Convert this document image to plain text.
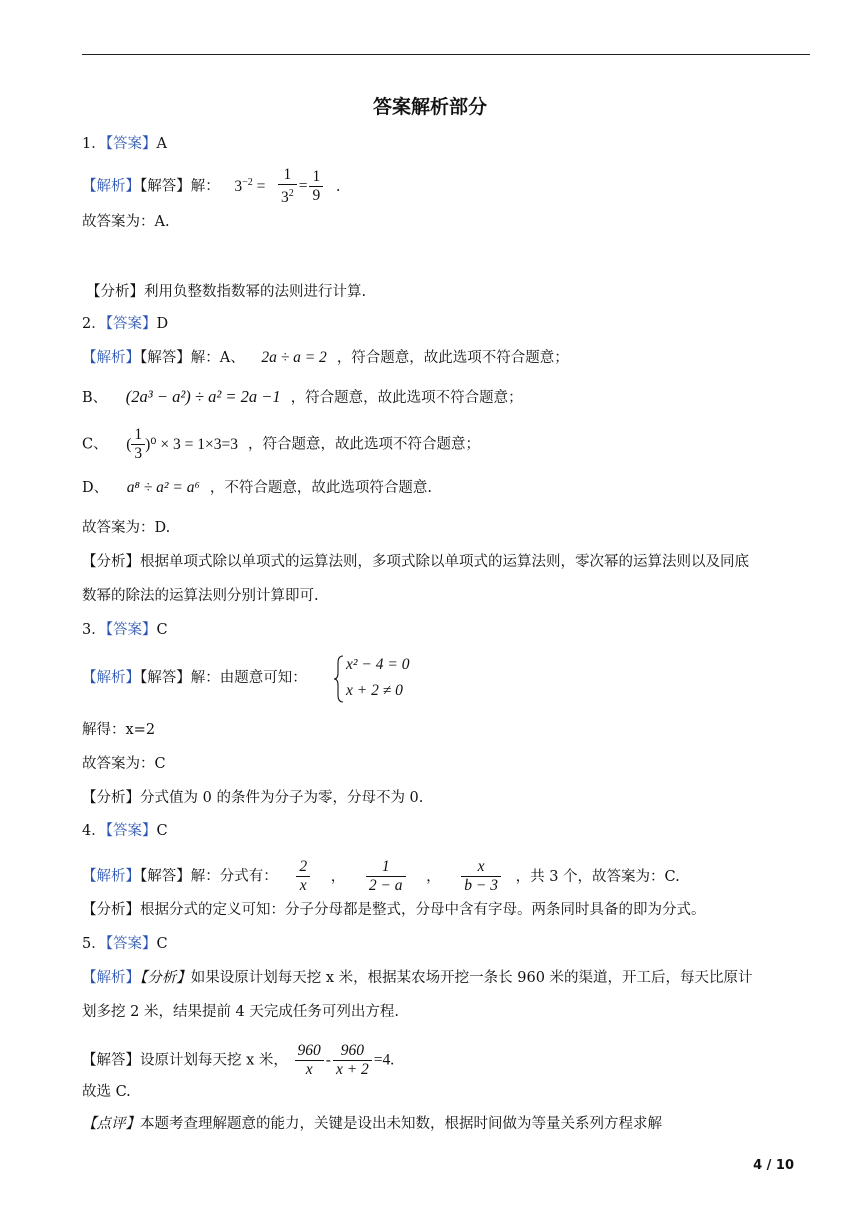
答案解析部分
1．【答案】A
【解析】【解答】解： $3^{-2} = \frac{1}{3^2} = \frac{1}{9}$ .
故答案为：A.
【分析】利用负整数指数幂的法则进行计算.
2．【答案】D
【解析】【解答】解：A、 2a ÷ a = 2 ，符合题意，故此选项不符合题意；
B、 (2a³ − a²) ÷ a² = 2a −1 ，符合题意，故此选项不符合题意；
C、 ( $\frac{1}{3} )^0 \times 3 = 1\times 3=3$ ，符合题意，故此选项不符合题意；
D、 a⁸ ÷ a² = a⁶ ，不符合题意，故此选项符合题意.
故答案为：D.
【分析】根据单项式除以单项式的运算法则，多项式除以单项式的运算法则，零次幂的运算法则以及同底
数幂的除法的运算法则分别计算即可.
3．【答案】C
【解析】【解答】解：由题意可知：
x² − 4 = 0
x + 2 ≠ 0
解得：x=2
故答案为：C
【分析】分式值为 0 的条件为分子为零，分母不为 0.
4．【答案】C
【解析】【解答】解：分式有： $\frac{2}{x}$ ， $\frac{1}{2 - a}$ ， $\frac{x}{b - 3}$ ，共 3 个，故答案为：C.
【分析】根据分式的定义可知：分子分母都是整式，分母中含有字母。两条同时具备的即为分式。
5．【答案】C
【解析】【分析】如果设原计划每天挖 x 米，根据某农场开挖一条长 960 米的渠道，开工后，每天比原计
划多挖 2 米，结果提前 4 天完成任务可列出方程.
【解答】设原计划每天挖 x 米， $\frac{960}{x} - \frac{960}{x + 2} =4$.
故选 C.
【点评】本题考查理解题意的能力，关键是设出未知数，根据时间做为等量关系列方程求解
4 / 10
